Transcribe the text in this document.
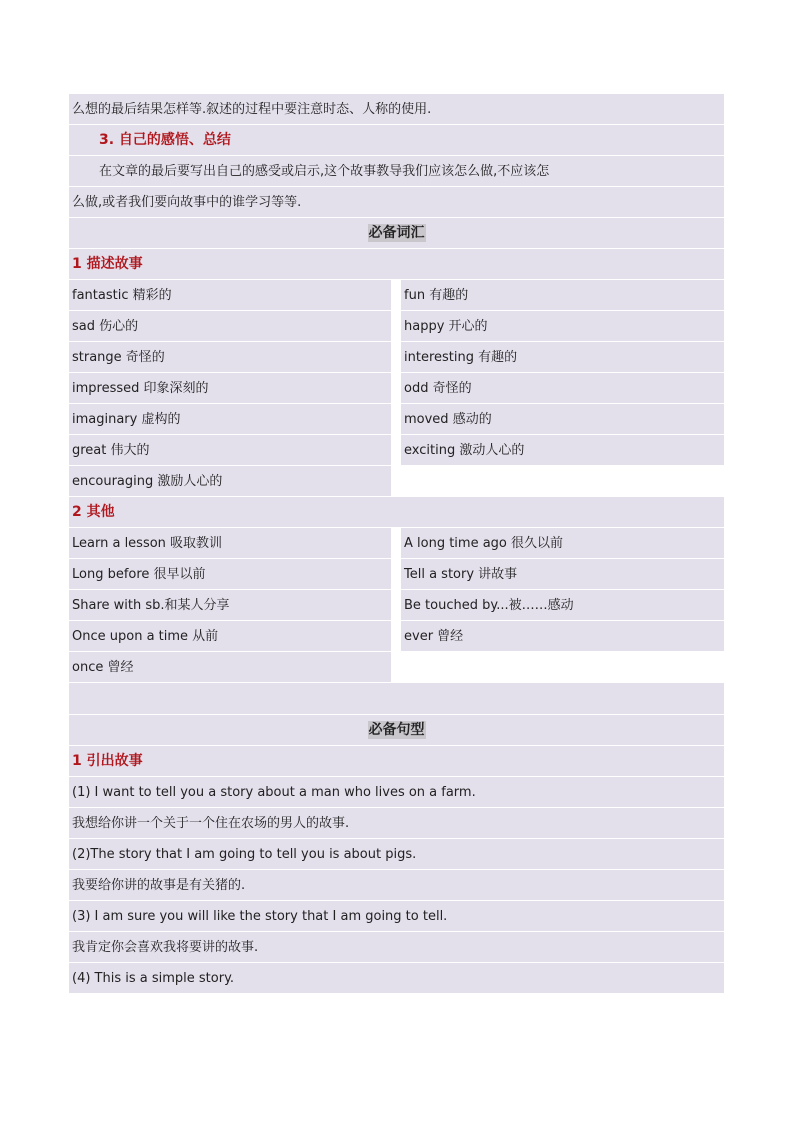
么想的最后结果怎样等.叙述的过程中要注意时态、人称的使用.
3. 自己的感悟、总结
在文章的最后要写出自己的感受或启示,这个故事教导我们应该怎么做,不应该怎
么做,或者我们要向故事中的谁学习等等.
必备词汇
1 描述故事
fantastic 精彩的
sad 伤心的
strange 奇怪的
impressed 印象深刻的
imaginary 虚构的
great 伟大的
encouraging 激励人心的
fun 有趣的
happy 开心的
interesting 有趣的
odd 奇怪的
moved 感动的
exciting 激动人心的
2 其他
Learn a lesson 吸取教训
Long before 很早以前
Share with sb.和某人分享
Once upon a time 从前
once 曾经
A long time ago 很久以前
Tell a story 讲故事
Be touched by...被……感动
ever 曾经
必备句型
1 引出故事
(1) I want to tell you a story about a man who lives on a farm.
我想给你讲一个关于一个住在农场的男人的故事.
(2)The story that I am going to tell you is about pigs.
我要给你讲的故事是有关猪的.
(3) I am sure you will like the story that I am going to tell.
我肯定你会喜欢我将要讲的故事.
(4) This is a simple story.
